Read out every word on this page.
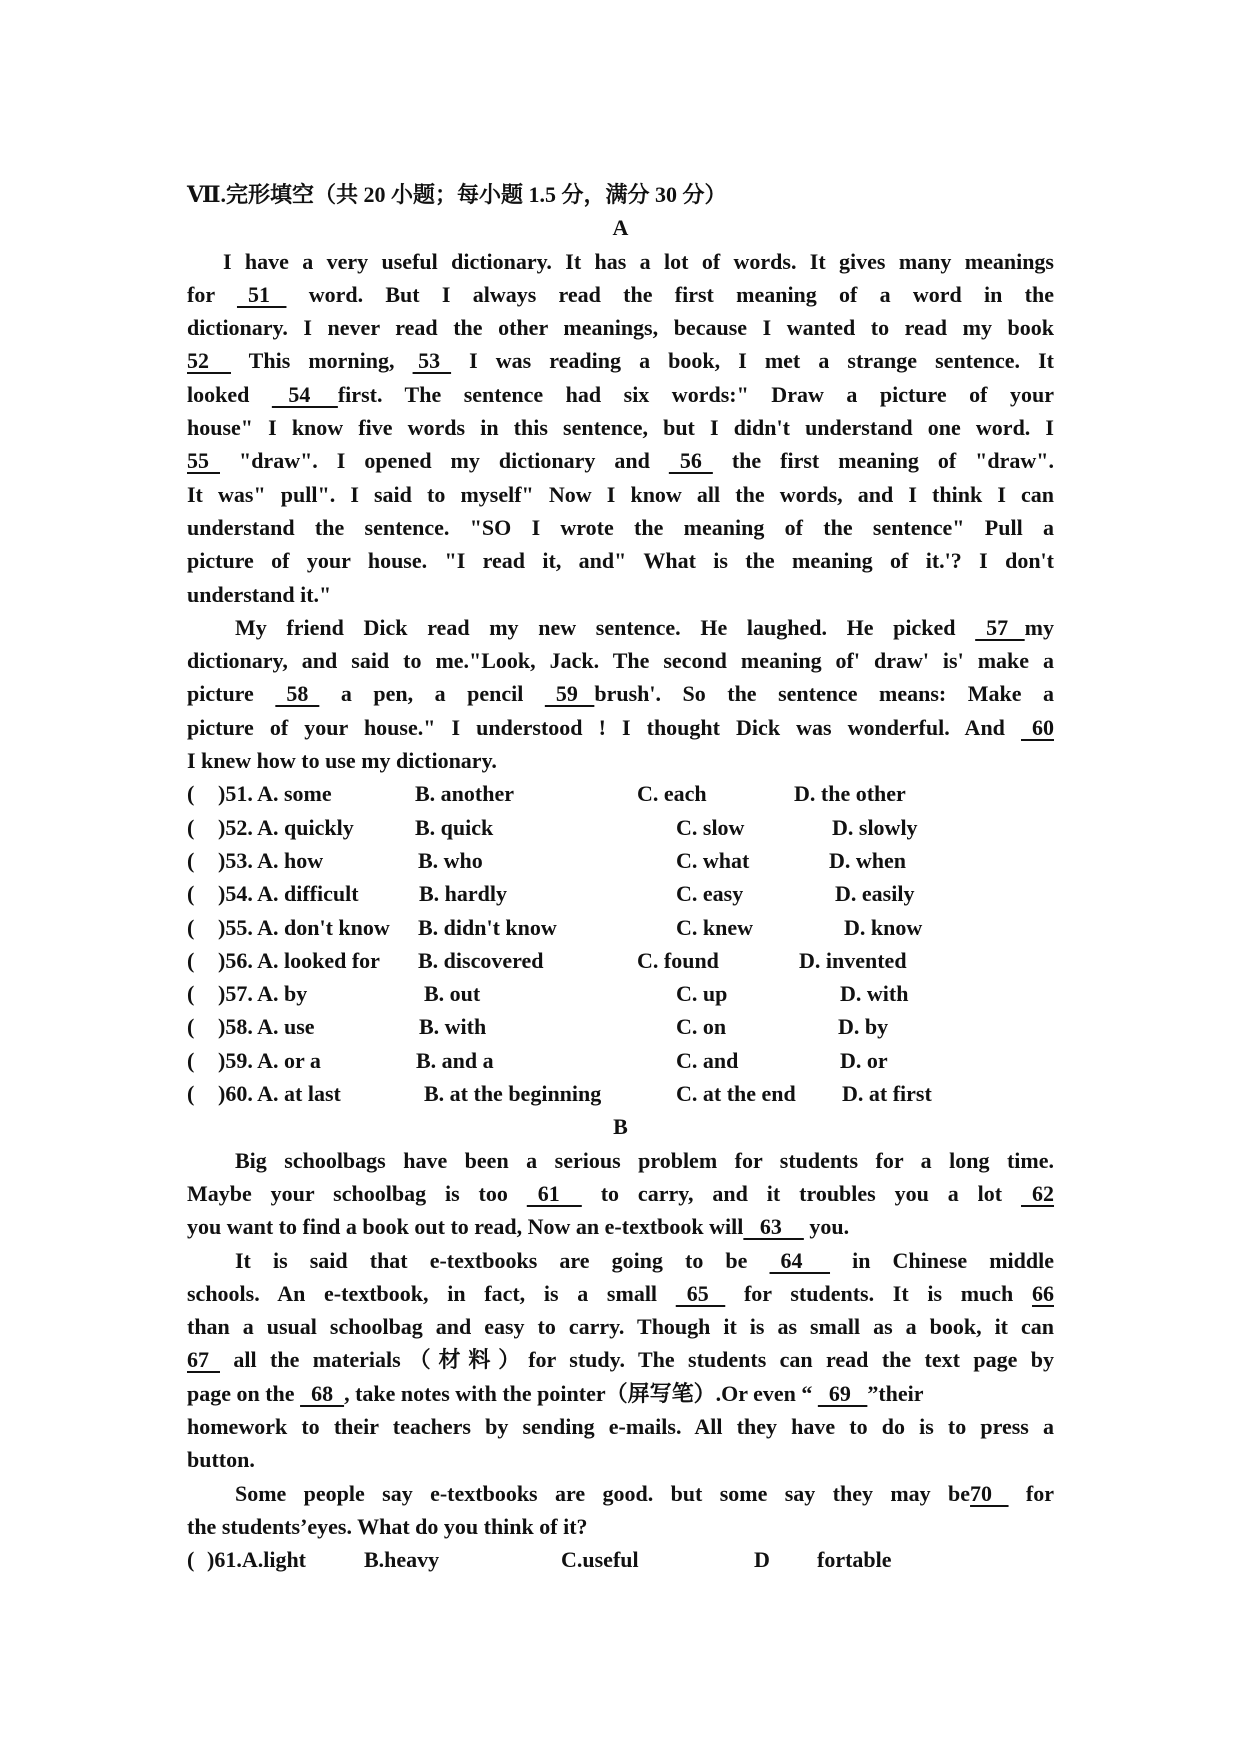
Ⅶ.完形填空（共 20 小题；每小题 1.5 分，满分 30 分）
A
I have a very useful dictionary. It has a lot of words. It gives many meanings
for   51    word. But I always read the first meaning of a word in the
dictionary. I never read the other meanings, because I wanted to read my book
52     This morning,  53   I was reading a book, I met a strange sentence. It
looked    54     first. The sentence had six words:" Draw a picture of your
house" I know five words in this sentence, but I didn't understand one word. I
55   "draw". I opened my dictionary and   56   the first meaning of "draw".
It was" pull". I said to myself" Now I know all the words, and I think I can
understand the sentence. "SO I wrote the meaning of the sentence" Pull a
picture of your house. "I read it, and" What is the meaning of it.'? I don't
understand it."
My friend Dick read my new sentence. He laughed. He picked   57   my
dictionary, and said to me."Look, Jack. The second meaning of' draw' is' make a
picture   58   a pen, a pencil   59   brush'. So the sentence means: Make a
picture of your house." I understood ! I thought Dick was wonderful. And   60
I knew how to use my dictionary.
( )51. A. some	B. another	C. each	D. the other
( )52. A. quickly	B. quick	C. slow	D. slowly
( )53. A. how	B. who	C. what	D. when
( )54. A. difficult	B. hardly	C. easy	D. easily
( )55. A. don't know B. didn't know	C. knew	D. know
( )56. A. looked for B. discovered	C. found	D. invented
( )57. A. by	B. out	C. up	D. with
( )58. A. use	B. with	C. on	D. by
( )59. A. or a	B. and a	C. and	D. or
( )60. A. at last	B. at the beginning	C. at the end D. at first
B
Big schoolbags have been a serious problem for students for a long time.
Maybe your schoolbag is too   61     to carry, and it troubles you a lot   62
you want to find a book out to read, Now an e-textbook will   63     you.
It is said that e-textbooks are going to be   64      in Chinese middle
schools. An e-textbook, in fact, is a small   65    for students. It is much 66
than a usual schoolbag and easy to carry. Though it is as small as a book, it can
67   all the materials（材料）for study. The students can read the text page by
page on the   68  , take notes with the pointer（屏写笔）.Or even “   69   ”their
homework to their teachers by sending e-mails. All they have to do is to press a
button.
Some people say e-textbooks are good. but some say they may be70    for
the students’eyes. What do you think of it?
( )61.A.light	B.heavy	C.useful	D fortable
